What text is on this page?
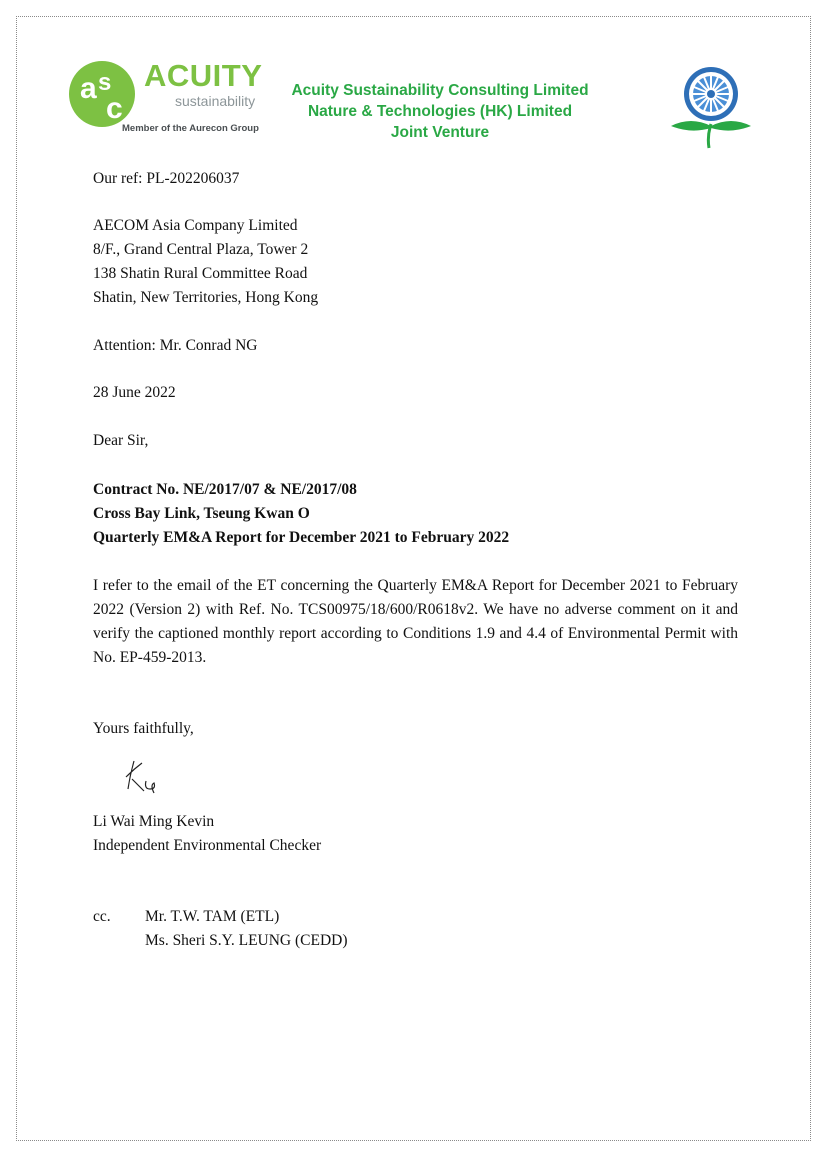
a s
c
ACUITY
sustainability
Member of the Aurecon Group
Acuity Sustainability Consulting Limited
Nature & Technologies (HK) Limited
Joint Venture
Our ref: PL-202206037
AECOM Asia Company Limited
8/F., Grand Central Plaza, Tower 2
138 Shatin Rural Committee Road
Shatin, New Territories, Hong Kong
Attention: Mr. Conrad NG
28 June 2022
Dear Sir,
Contract No. NE/2017/07 & NE/2017/08
Cross Bay Link, Tseung Kwan O
Quarterly EM&A Report for December 2021 to February 2022
I refer to the email of the ET concerning the Quarterly EM&A Report for December 2021 to February 2022 (Version 2) with Ref. No. TCS00975/18/600/R0618v2. We have no adverse comment on it and verify the captioned monthly report according to Conditions 1.9 and 4.4 of Environmental Permit with No. EP-459-2013.
Yours faithfully,
Li Wai Ming Kevin
Independent Environmental Checker
cc. Mr. T.W. TAM (ETL)
Ms. Sheri S.Y. LEUNG (CEDD)
